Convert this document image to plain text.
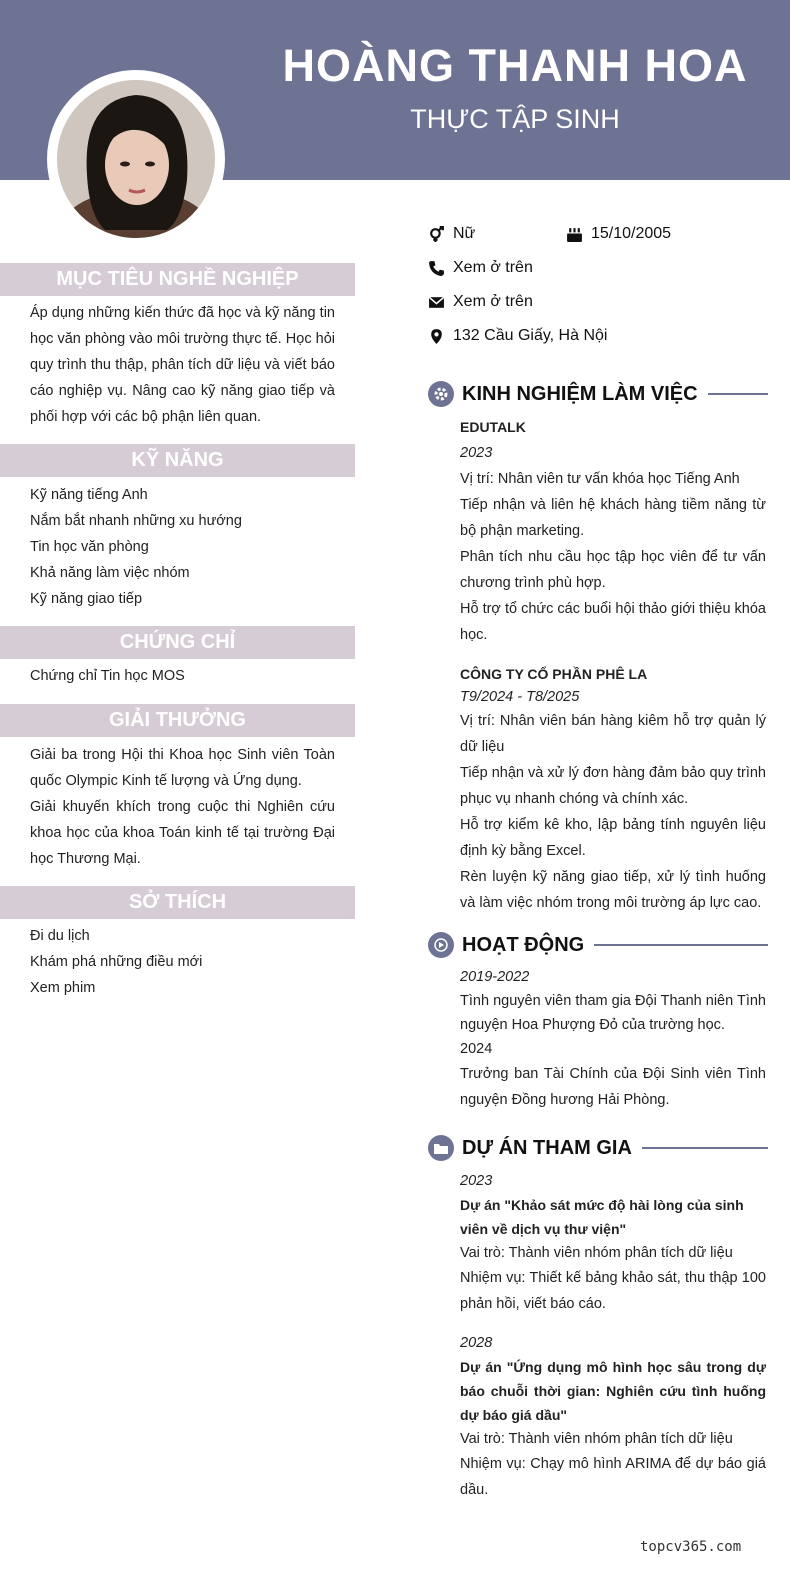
HOÀNG THANH HOA
THỰC TẬP SINH
MỤC TIÊU NGHỀ NGHIỆP
Áp dụng những kiến thức đã học và kỹ năng tin học văn phòng vào môi trường thực tế. Học hỏi quy trình thu thập, phân tích dữ liệu và viết báo cáo nghiệp vụ. Nâng cao kỹ năng giao tiếp và phối hợp với các bộ phận liên quan.
KỸ NĂNG
Kỹ năng tiếng Anh
Nắm bắt nhanh những xu hướng
Tin học văn phòng
Khả năng làm việc nhóm
Kỹ năng giao tiếp
CHỨNG CHỈ
Chứng chỉ Tin học MOS
GIẢI THƯỞNG
Giải ba trong Hội thi Khoa học Sinh viên Toàn quốc Olympic Kinh tế lượng và Ứng dụng.
Giải khuyến khích trong cuộc thi Nghiên cứu khoa học của khoa Toán kinh tế tại trường Đại học Thương Mại.
SỞ THÍCH
Đi du lịch
Khám phá những điều mới
Xem phim
Nữ	15/10/2005
Xem ở trên
Xem ở trên
132 Cầu Giấy, Hà Nội
KINH NGHIỆM LÀM VIỆC

EDUTALK

2023

Vị trí: Nhân viên tư vấn khóa học Tiếng Anh

Tiếp nhận và liên hệ khách hàng tiềm năng từ bộ phận marketing.

Phân tích nhu cầu học tập học viên để tư vấn chương trình phù hợp.

Hỗ trợ tổ chức các buổi hội thảo giới thiệu khóa học.

CÔNG TY CỔ PHẦN PHÊ LA

T9/2024 - T8/2025

Vị trí: Nhân viên bán hàng kiêm hỗ trợ quản lý dữ liệu

Tiếp nhận và xử lý đơn hàng đảm bảo quy trình phục vụ nhanh chóng và chính xác.

Hỗ trợ kiểm kê kho, lập bảng tính nguyên liệu định kỳ bằng Excel.

Rèn luyện kỹ năng giao tiếp, xử lý tình huống và làm việc nhóm trong môi trường áp lực cao.

HOẠT ĐỘNG

2019-2022

Tình nguyên viên tham gia Đội Thanh niên Tình nguyện Hoa Phượng Đỏ của trường học.

2024

Trưởng ban Tài Chính của Đội Sinh viên Tình nguyện Đồng hương Hải Phòng.

DỰ ÁN THAM GIA

2023

Dự án "Khảo sát mức độ hài lòng của sinh viên về dịch vụ thư viện"

Vai trò: Thành viên nhóm phân tích dữ liệu

Nhiệm vụ: Thiết kế bảng khảo sát, thu thập 100 phản hồi, viết báo cáo.

2028

Dự án "Ứng dụng mô hình học sâu trong dự báo chuỗi thời gian: Nghiên cứu tình huống dự báo giá dầu"

Vai trò: Thành viên nhóm phân tích dữ liệu

Nhiệm vụ: Chạy mô hình ARIMA để dự báo giá dầu.

topcv365.com
